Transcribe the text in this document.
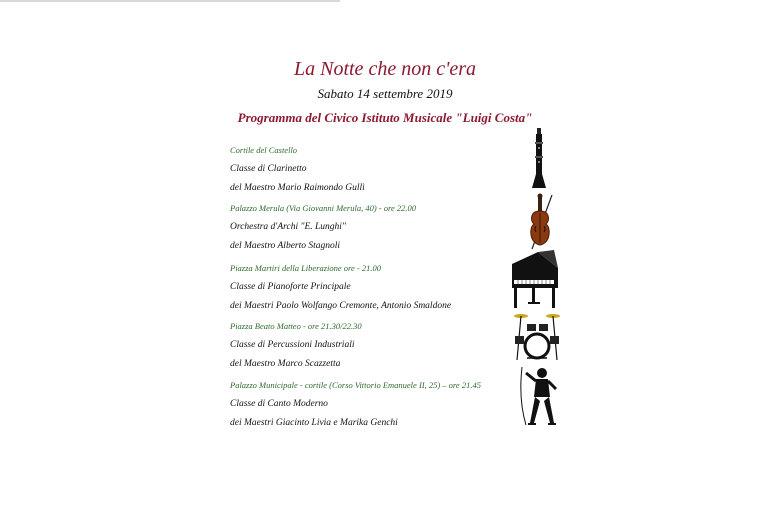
La Notte che non c'era
Sabato 14 settembre 2019
Programma del Civico Istituto Musicale "Luigi Costa"
Cortile del Castello
Classe di Clarinetto
del Maestro Mario Raimondo Gullì
Palazzo Merula (Via Giovanni Merula, 40) - ore 22.00
Orchestra d'Archi "E. Lunghi"
del Maestro Alberto Stagnoli
Piazza Martiri della Liberazione ore - 21.00
Classe di Pianoforte Principale
dei Maestri Paolo Wolfango Cremonte, Antonio Smaldone
Piazza Beato Matteo - ore 21.30/22.30
Classe di Percussioni Industriali
del Maestro Marco Scazzetta
Palazzo Municipale - cortile (Corso Vittorio Emanuele II, 25) – ore 21.45
Classe di Canto Moderno
dei Maestri Giacinto Livia e Marika Genchi
